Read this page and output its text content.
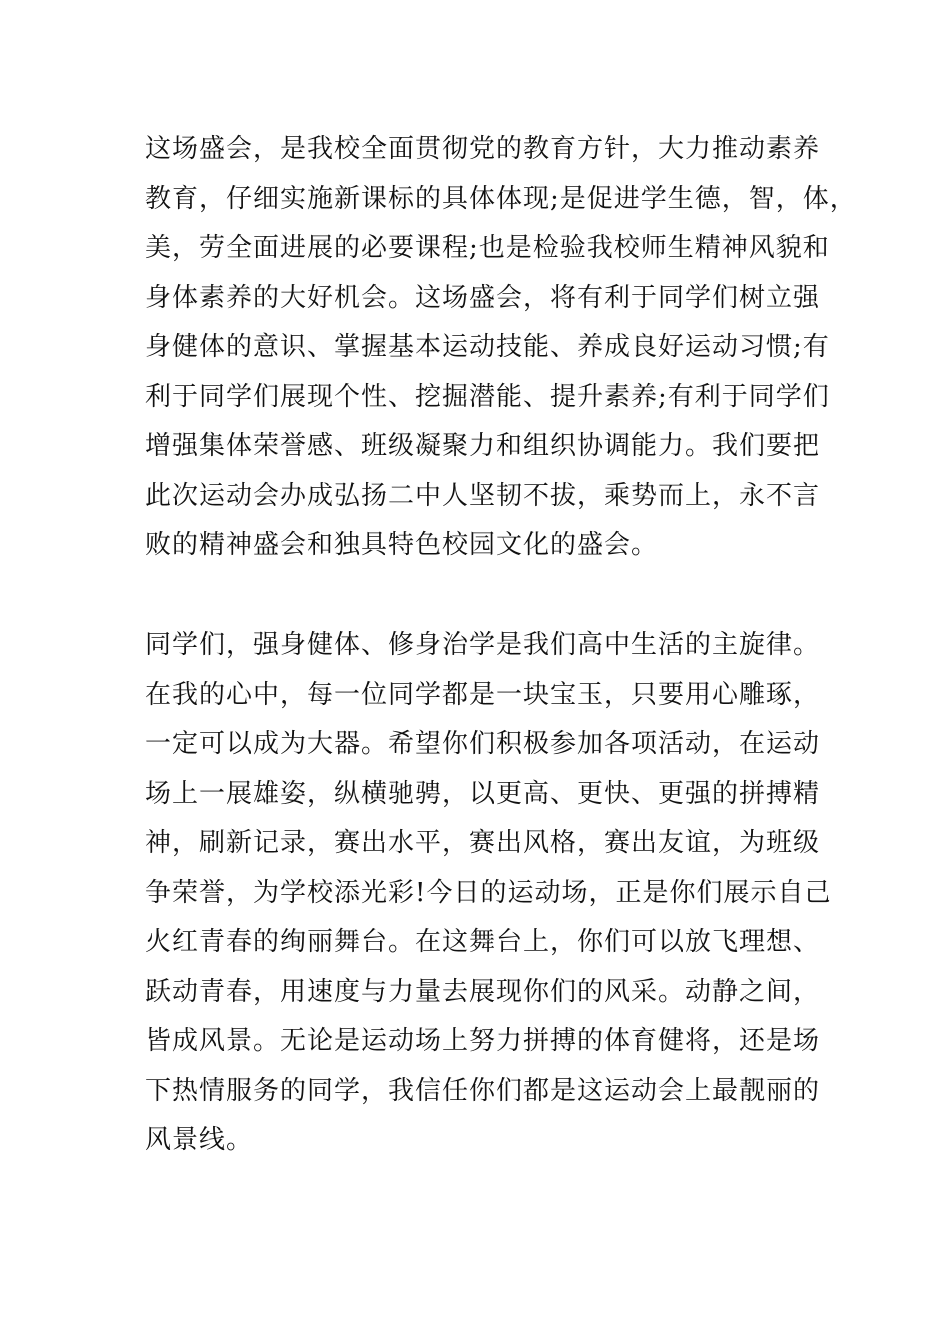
这场盛会，是我校全面贯彻党的教育方针，大力推动素养
教育，仔细实施新课标的具体体现;是促进学生德，智，体，
美，劳全面进展的必要课程;也是检验我校师生精神风貌和
身体素养的大好机会。这场盛会，将有利于同学们树立强
身健体的意识、掌握基本运动技能、养成良好运动习惯;有
利于同学们展现个性、挖掘潜能、提升素养;有利于同学们
增强集体荣誉感、班级凝聚力和组织协调能力。我们要把
此次运动会办成弘扬二中人坚韧不拔，乘势而上，永不言
败的精神盛会和独具特色校园文化的盛会。

同学们，强身健体、修身治学是我们高中生活的主旋律。
在我的心中，每一位同学都是一块宝玉，只要用心雕琢，
一定可以成为大器。希望你们积极参加各项活动，在运动
场上一展雄姿，纵横驰骋，以更高、更快、更强的拼搏精
神，刷新记录，赛出水平，赛出风格，赛出友谊，为班级
争荣誉，为学校添光彩!今日的运动场，正是你们展示自己
火红青春的绚丽舞台。在这舞台上，你们可以放飞理想、
跃动青春，用速度与力量去展现你们的风采。动静之间，
皆成风景。无论是运动场上努力拼搏的体育健将，还是场
下热情服务的同学，我信任你们都是这运动会上最靓丽的
风景线。
